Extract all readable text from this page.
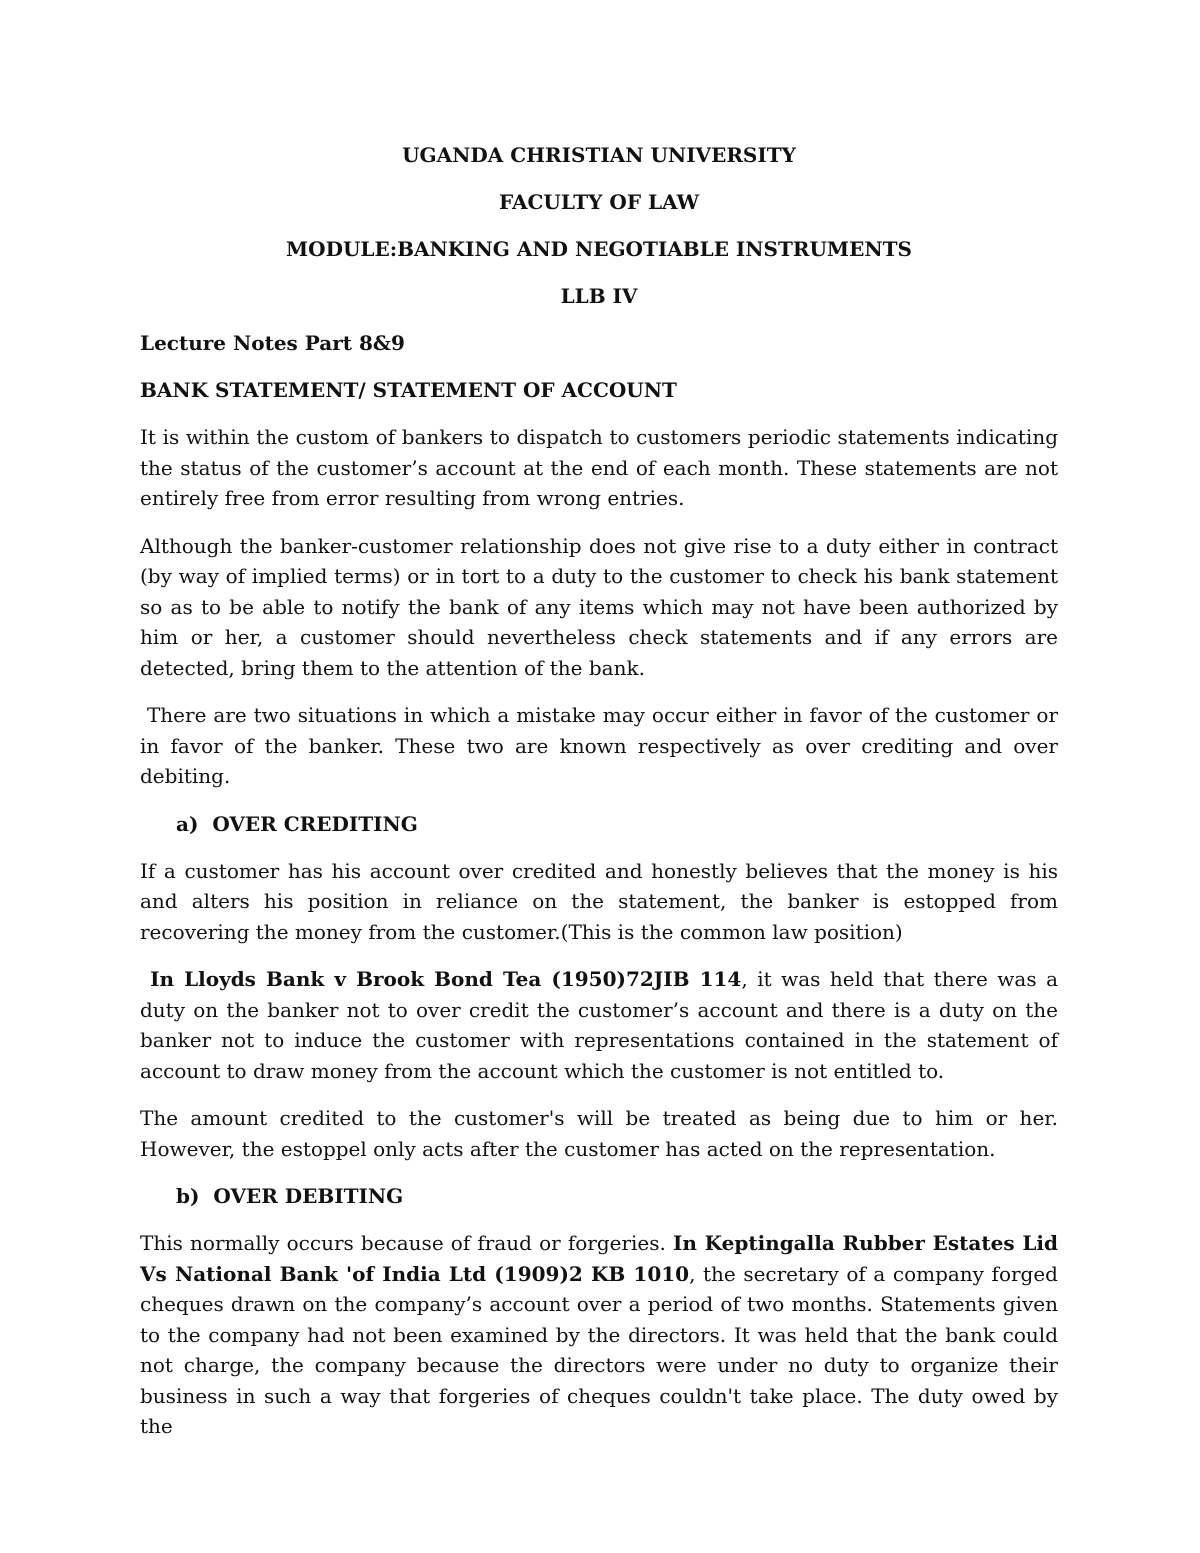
UGANDA CHRISTIAN UNIVERSITY

FACULTY OF LAW

MODULE:BANKING AND NEGOTIABLE INSTRUMENTS

LLB IV

Lecture Notes Part 8&9

BANK STATEMENT/ STATEMENT OF ACCOUNT

It is within the custom of bankers to dispatch to customers periodic statements indicating the status of the customer’s account at the end of each month. These statements are not entirely free from error resulting from wrong entries.

Although the banker-customer relationship does not give rise to a duty either in contract (by way of implied terms) or in tort to a duty to the customer to check his bank statement so as to be able to notify the bank of any items which may not have been authorized by him or her, a customer should nevertheless check statements and if any errors are detected, bring them to the attention of the bank.

There are two situations in which a mistake may occur either in favor of the customer or in favor of the banker. These two are known respectively as over crediting and over debiting.

a)  OVER CREDITING

If a customer has his account over credited and honestly believes that the money is his and alters his position in reliance on the statement, the banker is estopped from recovering the money from the customer.(This is the common law position)

In Lloyds Bank v Brook Bond Tea (1950)72JIB 114, it was held that there was a duty on the banker not to over credit the customer’s account and there is a duty on the banker not to induce the customer with representations contained in the statement of account to draw money from the account which the customer is not entitled to.

The amount credited to the customer's will be treated as being due to him or her. However, the estoppel only acts after the customer has acted on the representation.

b)  OVER DEBITING

This normally occurs because of fraud or forgeries. In Keptingalla Rubber Estates Lid Vs National Bank 'of India Ltd (1909)2 KB 1010, the secretary of a company forged cheques drawn on the company’s account over a period of two months. Statements given to the company had not been examined by the directors. It was held that the bank could not charge, the company because the directors were under no duty to organize their business in such a way that forgeries of cheques couldn't take place. The duty owed by the
